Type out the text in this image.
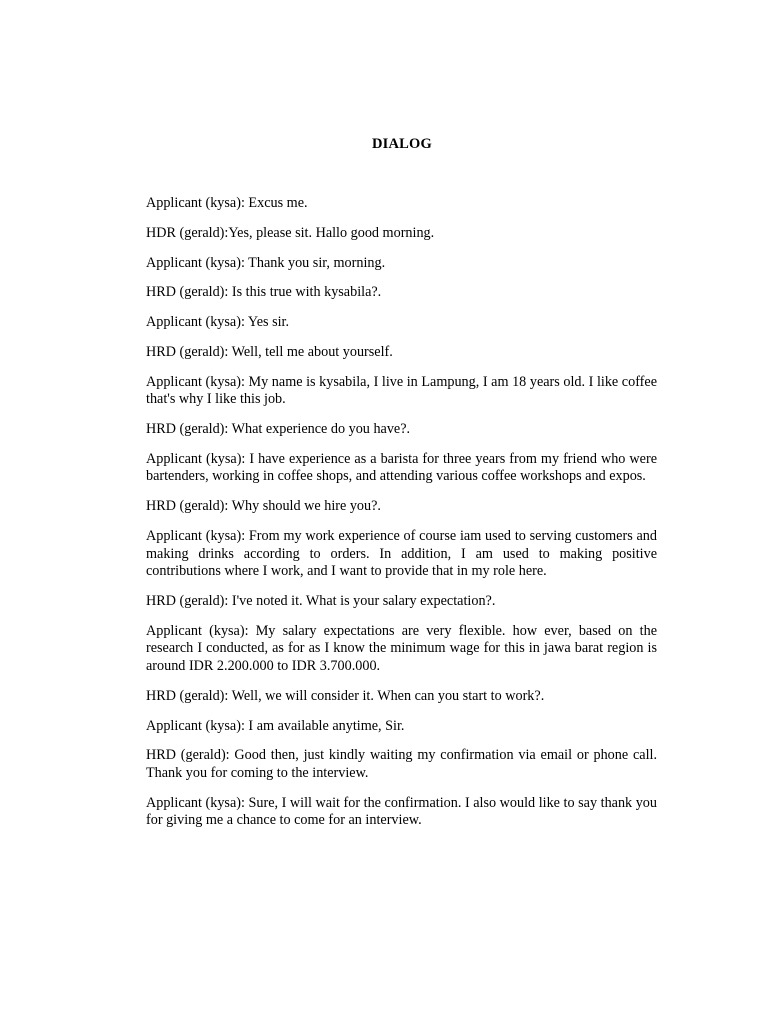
DIALOG

Applicant (kysa): Excus me.

HDR (gerald):Yes, please sit. Hallo good morning.

Applicant (kysa): Thank you sir, morning.

HRD (gerald): Is this true with kysabila?.

Applicant (kysa): Yes sir.

HRD (gerald): Well, tell me about yourself.

Applicant (kysa): My name is kysabila, I live in Lampung, I am 18 years old. I like coffee that's why I like this job.

HRD (gerald): What experience do you have?.

Applicant (kysa): I have experience as a barista for three years from my friend who were bartenders, working in coffee shops, and attending various coffee workshops and expos.

HRD (gerald): Why should we hire you?.

Applicant (kysa): From my work experience of course iam used to serving customers and making drinks according to orders. In addition, I am used to making positive contributions where I work, and I want to provide that in my role here.

HRD (gerald): I've noted it. What is your salary expectation?.

Applicant (kysa): My salary expectations are very flexible. how ever, based on the research I conducted, as for as I know the minimum wage for this in jawa barat region is around IDR 2.200.000 to IDR 3.700.000.

HRD (gerald): Well, we will consider it. When can you start to work?.

Applicant (kysa): I am available anytime, Sir.

HRD (gerald): Good then, just kindly waiting my confirmation via email or phone call. Thank you for coming to the interview.

Applicant (kysa): Sure, I will wait for the confirmation. I also would like to say thank you for giving me a chance to come for an interview.
